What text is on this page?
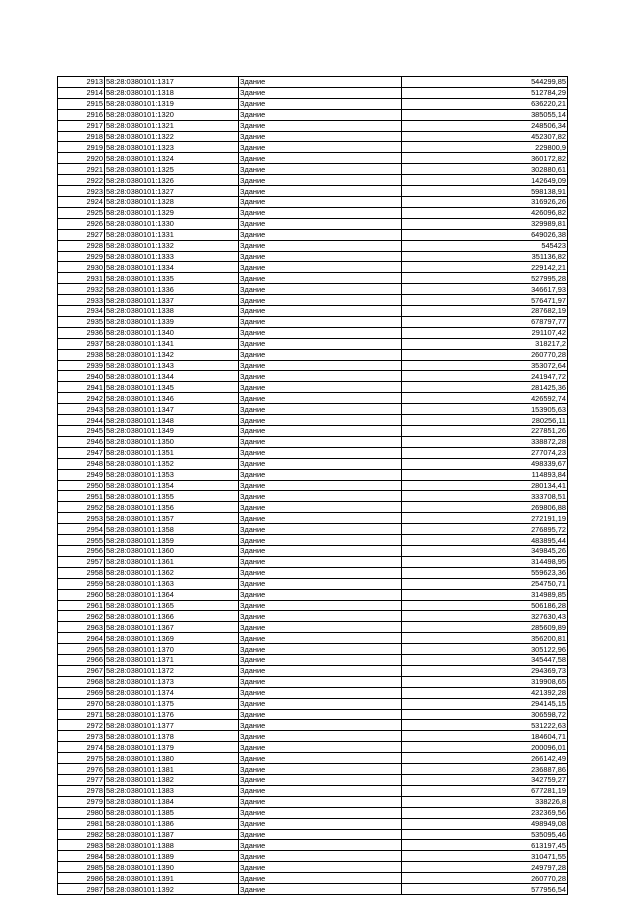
2913	58:28:0380101:1317	Здание	544299,85
2914	58:28:0380101:1318	Здание	512784,29
2915	58:28:0380101:1319	Здание	636220,21
2916	58:28:0380101:1320	Здание	385055,14
2917	58:28:0380101:1321	Здание	248506,34
2918	58:28:0380101:1322	Здание	452307,82
2919	58:28:0380101:1323	Здание	229800,9
2920	58:28:0380101:1324	Здание	360172,82
2921	58:28:0380101:1325	Здание	302880,61
2922	58:28:0380101:1326	Здание	142649,09
2923	58:28:0380101:1327	Здание	598138,91
2924	58:28:0380101:1328	Здание	316926,26
2925	58:28:0380101:1329	Здание	426096,82
2926	58:28:0380101:1330	Здание	329989,81
2927	58:28:0380101:1331	Здание	649026,38
2928	58:28:0380101:1332	Здание	545423
2929	58:28:0380101:1333	Здание	351136,82
2930	58:28:0380101:1334	Здание	229142,21
2931	58:28:0380101:1335	Здание	527995,28
2932	58:28:0380101:1336	Здание	346617,93
2933	58:28:0380101:1337	Здание	576471,97
2934	58:28:0380101:1338	Здание	287682,19
2935	58:28:0380101:1339	Здание	678797,77
2936	58:28:0380101:1340	Здание	291107,42
2937	58:28:0380101:1341	Здание	318217,2
2938	58:28:0380101:1342	Здание	260770,28
2939	58:28:0380101:1343	Здание	353072,64
2940	58:28:0380101:1344	Здание	241947,72
2941	58:28:0380101:1345	Здание	281425,36
2942	58:28:0380101:1346	Здание	426592,74
2943	58:28:0380101:1347	Здание	153905,63
2944	58:28:0380101:1348	Здание	280256,11
2945	58:28:0380101:1349	Здание	227851,26
2946	58:28:0380101:1350	Здание	338872,28
2947	58:28:0380101:1351	Здание	277074,23
2948	58:28:0380101:1352	Здание	498339,67
2949	58:28:0380101:1353	Здание	114893,84
2950	58:28:0380101:1354	Здание	280134,41
2951	58:28:0380101:1355	Здание	333708,51
2952	58:28:0380101:1356	Здание	269806,88
2953	58:28:0380101:1357	Здание	272191,19
2954	58:28:0380101:1358	Здание	276895,72
2955	58:28:0380101:1359	Здание	483895,44
2956	58:28:0380101:1360	Здание	349845,26
2957	58:28:0380101:1361	Здание	314498,95
2958	58:28:0380101:1362	Здание	559623,36
2959	58:28:0380101:1363	Здание	254750,71
2960	58:28:0380101:1364	Здание	314989,85
2961	58:28:0380101:1365	Здание	506186,28
2962	58:28:0380101:1366	Здание	327630,43
2963	58:28:0380101:1367	Здание	285609,89
2964	58:28:0380101:1369	Здание	356200,81
2965	58:28:0380101:1370	Здание	305122,96
2966	58:28:0380101:1371	Здание	345447,58
2967	58:28:0380101:1372	Здание	294369,73
2968	58:28:0380101:1373	Здание	319908,65
2969	58:28:0380101:1374	Здание	421392,28
2970	58:28:0380101:1375	Здание	294145,15
2971	58:28:0380101:1376	Здание	306598,72
2972	58:28:0380101:1377	Здание	531222,63
2973	58:28:0380101:1378	Здание	184604,71
2974	58:28:0380101:1379	Здание	200096,01
2975	58:28:0380101:1380	Здание	266142,49
2976	58:28:0380101:1381	Здание	236887,86
2977	58:28:0380101:1382	Здание	342759,27
2978	58:28:0380101:1383	Здание	677281,19
2979	58:28:0380101:1384	Здание	338226,8
2980	58:28:0380101:1385	Здание	232369,56
2981	58:28:0380101:1386	Здание	498949,08
2982	58:28:0380101:1387	Здание	535095,46
2983	58:28:0380101:1388	Здание	613197,45
2984	58:28:0380101:1389	Здание	310471,55
2985	58:28:0380101:1390	Здание	249797,28
2986	58:28:0380101:1391	Здание	260770,28
2987	58:28:0380101:1392	Здание	577956,54
